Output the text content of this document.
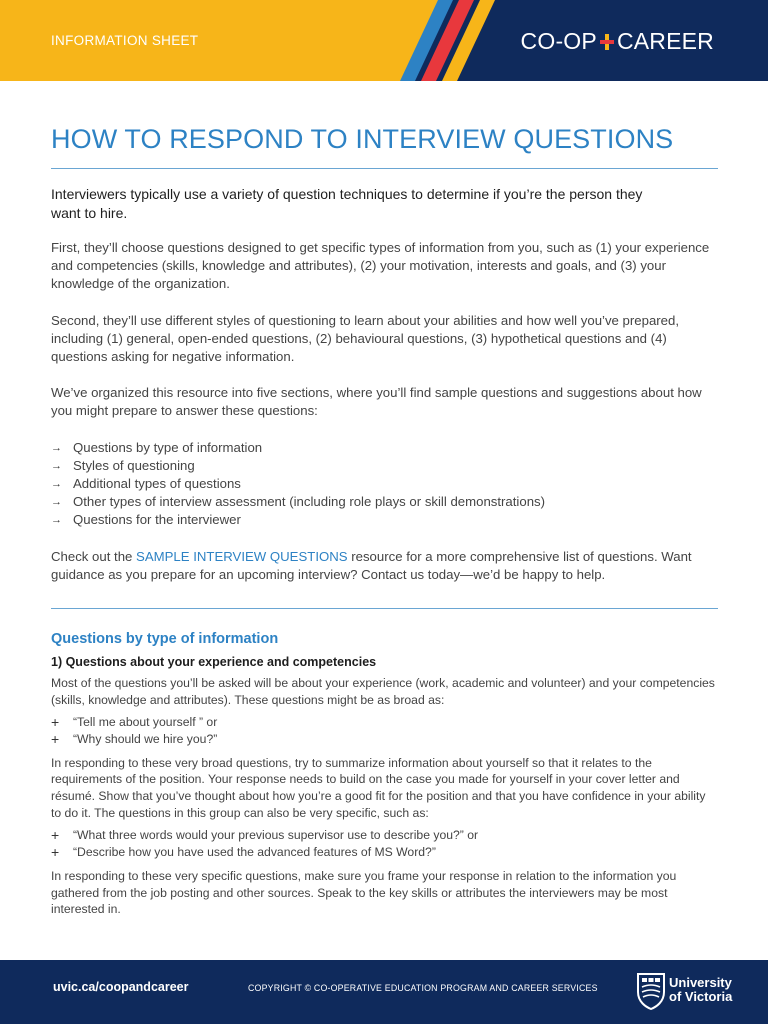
INFORMATION SHEET	CO-OP CAREER
HOW TO RESPOND TO INTERVIEW QUESTIONS

Interviewers typically use a variety of question techniques to determine if you’re the person they want to hire.

First, they’ll choose questions designed to get specific types of information from you, such as (1) your experience and competencies (skills, knowledge and attributes), (2) your motivation, interests and goals, and (3) your knowledge of the organization.

Second, they’ll use different styles of questioning to learn about your abilities and how well you’ve prepared, including (1) general, open-ended questions, (2) behavioural questions, (3) hypothetical questions and (4) questions asking for negative information.

We’ve organized this resource into five sections, where you’ll find sample questions and suggestions about how you might prepare to answer these questions:

→ Questions by type of information
→ Styles of questioning
→ Additional types of questions
→ Other types of interview assessment (including role plays or skill demonstrations)
→ Questions for the interviewer

Check out the SAMPLE INTERVIEW QUESTIONS resource for a more comprehensive list of questions. Want guidance as you prepare for an upcoming interview? Contact us today—we’d be happy to help.

Questions by type of information
1) Questions about your experience and competencies

Most of the questions you’ll be asked will be about your experience (work, academic and volunteer) and your competencies (skills, knowledge and attributes). These questions might be as broad as:

+	“Tell me about yourself ” or
+	“Why should we hire you?”

In responding to these very broad questions, try to summarize information about yourself so that it relates to the requirements of the position. Your response needs to build on the case you made for yourself in your cover letter and résumé. Show that you’ve thought about how you’re a good fit for the position and that you have confidence in your ability to do it. The questions in this group can also be very specific, such as:

+	“What three words would your previous supervisor use to describe you?” or
+	“Describe how you have used the advanced features of MS Word?”

In responding to these very specific questions, make sure you frame your response in relation to the information you gathered from the job posting and other sources. Speak to the key skills or attributes the interviewers may be most interested in.

uvic.ca/coopandcareer	COPYRIGHT © CO-OPERATIVE EDUCATION PROGRAM AND CAREER SERVICES	University
of Victoria
